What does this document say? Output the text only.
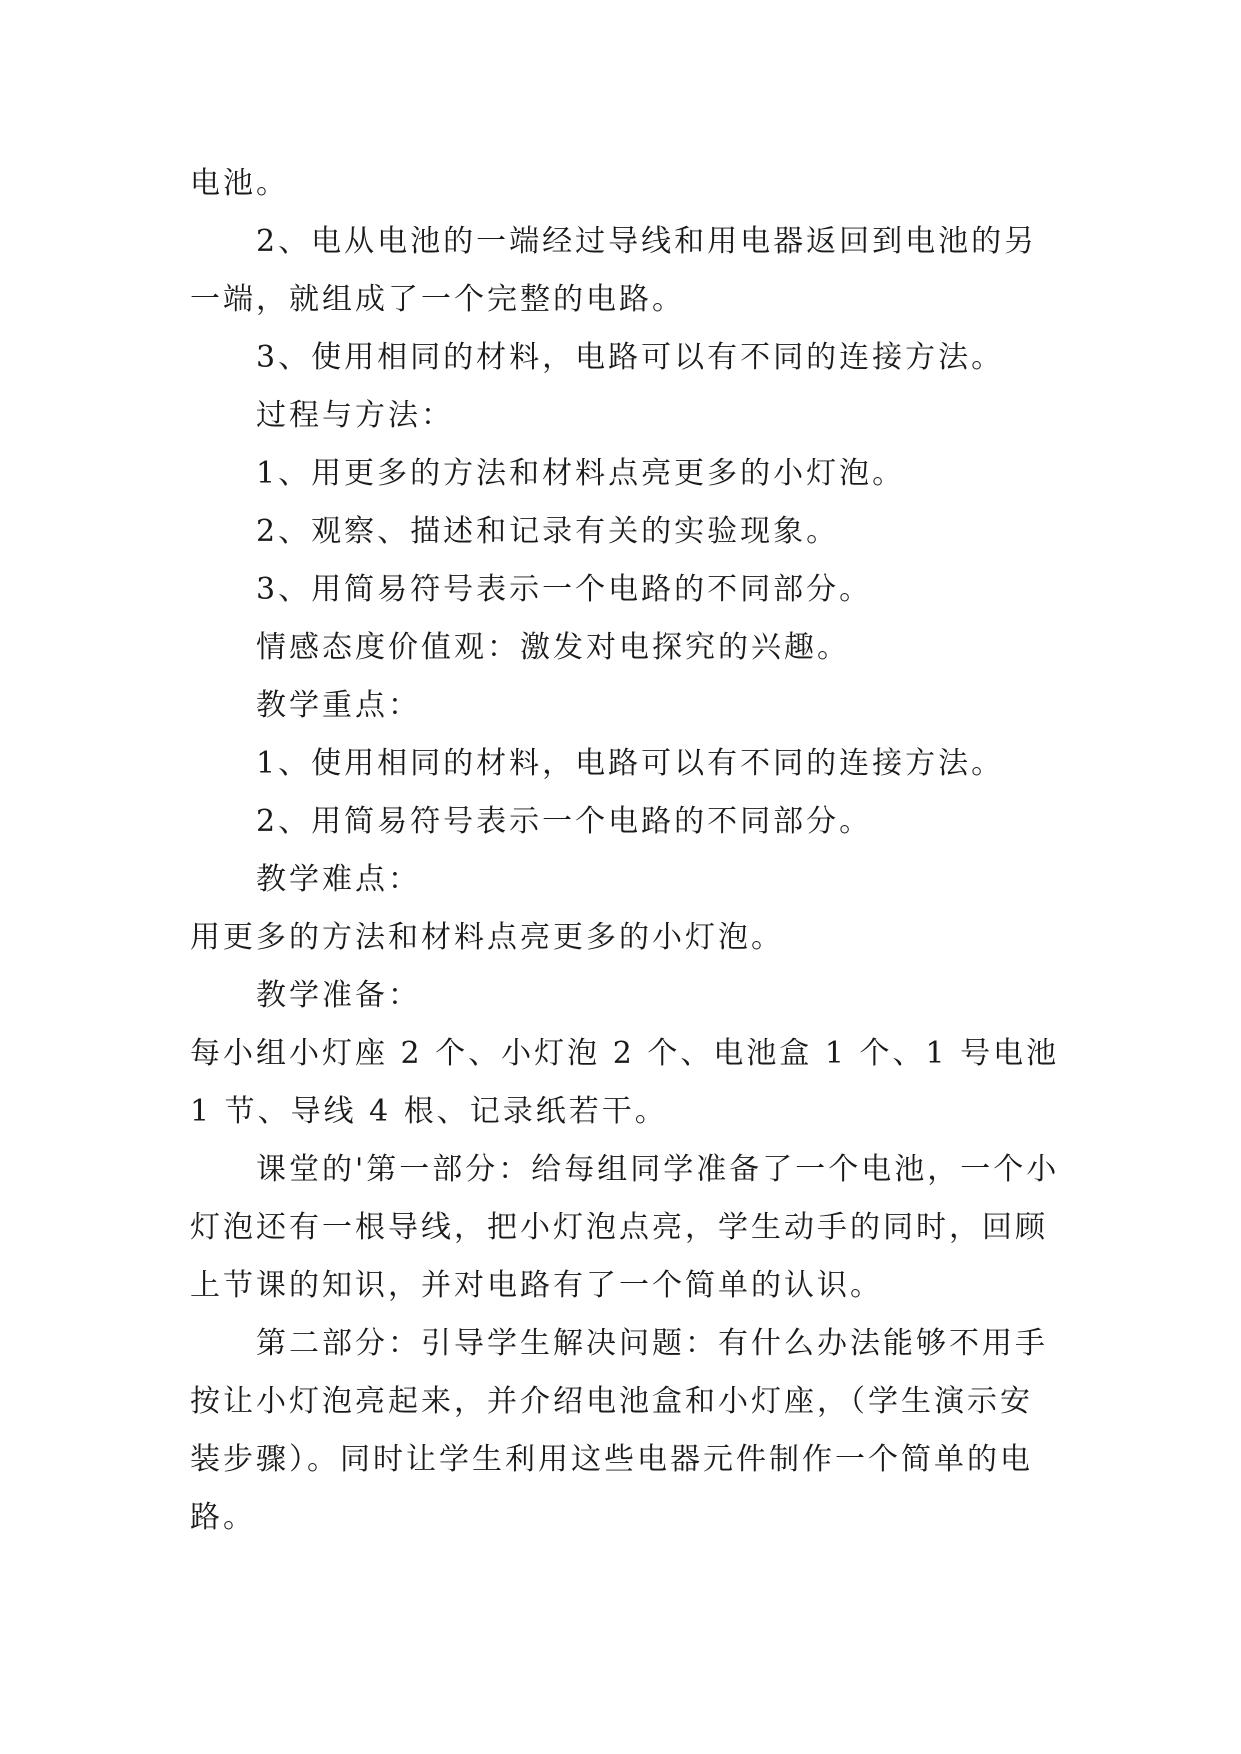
电池。

2、电从电池的一端经过导线和用电器返回到电池的另一端，就组成了一个完整的电路。

3、使用相同的材料，电路可以有不同的连接方法。

过程与方法：

1、用更多的方法和材料点亮更多的小灯泡。

2、观察、描述和记录有关的实验现象。

3、用简易符号表示一个电路的不同部分。

情感态度价值观：激发对电探究的兴趣。

教学重点：

1、使用相同的材料，电路可以有不同的连接方法。

2、用简易符号表示一个电路的不同部分。

教学难点：

用更多的方法和材料点亮更多的小灯泡。

教学准备：

每小组小灯座 2 个、小灯泡 2 个、电池盒 1 个、1 号电池 1 节、导线 4 根、记录纸若干。

课堂的'第一部分：给每组同学准备了一个电池，一个小灯泡还有一根导线，把小灯泡点亮，学生动手的同时，回顾上节课的知识，并对电路有了一个简单的认识。

第二部分：引导学生解决问题：有什么办法能够不用手按让小灯泡亮起来，并介绍电池盒和小灯座，（学生演示安装步骤）。同时让学生利用这些电器元件制作一个简单的电路。
